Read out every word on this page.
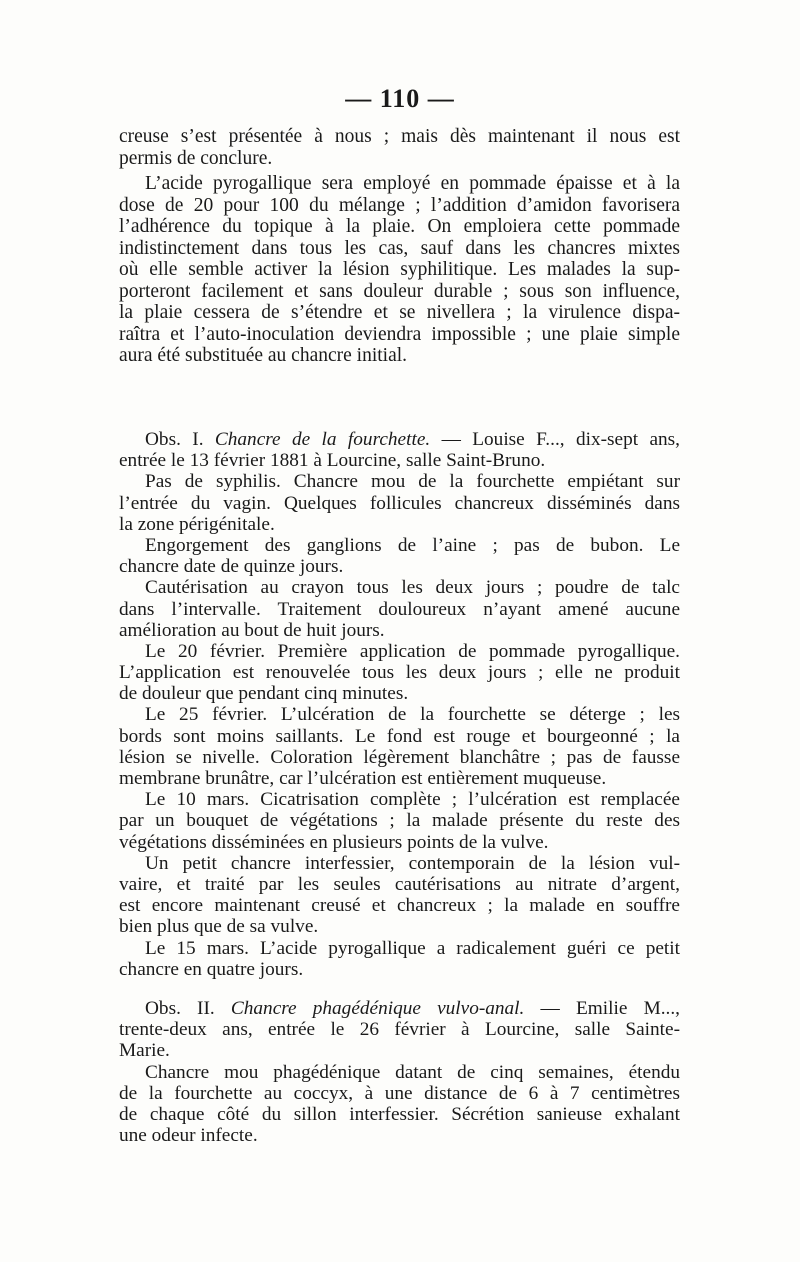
— 110 —
creuse s’est présentée à nous ; mais dès maintenant il nous est
permis de conclure.
L’acide pyrogallique sera employé en pommade épaisse et à la
dose de 20 pour 100 du mélange ; l’addition d’amidon favorisera
l’adhérence du topique à la plaie. On emploiera cette pommade
indistinctement dans tous les cas, sauf dans les chancres mixtes
où elle semble activer la lésion syphilitique. Les malades la sup-
porteront facilement et sans douleur durable ; sous son influence,
la plaie cessera de s’étendre et se nivellera ; la virulence dispa-
raîtra et l’auto-inoculation deviendra impossible ; une plaie simple
aura été substituée au chancre initial.
Obs. I. Chancre de la fourchette. — Louise F..., dix-sept ans,
entrée le 13 février 1881 à Lourcine, salle Saint-Bruno.
Pas de syphilis. Chancre mou de la fourchette empiétant sur
l’entrée du vagin. Quelques follicules chancreux disséminés dans
la zone périgénitale.
Engorgement des ganglions de l’aine ; pas de bubon. Le
chancre date de quinze jours.
Cautérisation au crayon tous les deux jours ; poudre de talc
dans l’intervalle. Traitement douloureux n’ayant amené aucune
amélioration au bout de huit jours.
Le 20 février. Première application de pommade pyrogallique.
L’application est renouvelée tous les deux jours ; elle ne produit
de douleur que pendant cinq minutes.
Le 25 février. L’ulcération de la fourchette se déterge ; les
bords sont moins saillants. Le fond est rouge et bourgeonné ; la
lésion se nivelle. Coloration légèrement blanchâtre ; pas de fausse
membrane brunâtre, car l’ulcération est entièrement muqueuse.
Le 10 mars. Cicatrisation complète ; l’ulcération est remplacée
par un bouquet de végétations ; la malade présente du reste des
végétations disséminées en plusieurs points de la vulve.
Un petit chancre interfessier, contemporain de la lésion vul-
vaire, et traité par les seules cautérisations au nitrate d’argent,
est encore maintenant creusé et chancreux ; la malade en souffre
bien plus que de sa vulve.
Le 15 mars. L’acide pyrogallique a radicalement guéri ce petit
chancre en quatre jours.
Obs. II. Chancre phagédénique vulvo-anal. — Emilie M...,
trente-deux ans, entrée le 26 février à Lourcine, salle Sainte-
Marie.
Chancre mou phagédénique datant de cinq semaines, étendu
de la fourchette au coccyx, à une distance de 6 à 7 centimètres
de chaque côté du sillon interfessier. Sécrétion sanieuse exhalant
une odeur infecte.
